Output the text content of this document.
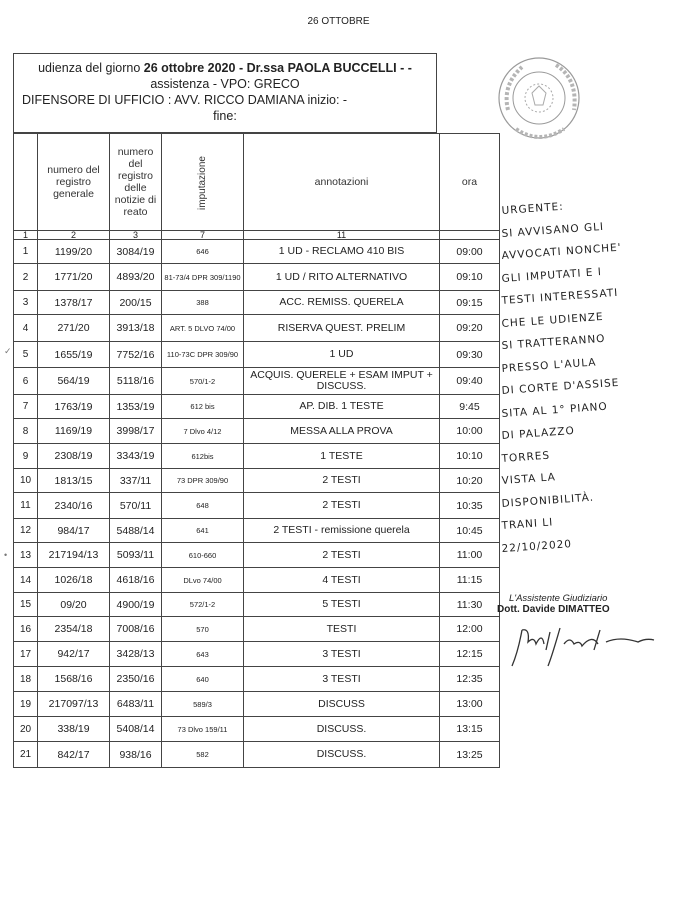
26 OTTOBRE
udienza del giorno 26 ottobre 2020 - Dr.ssa PAOLA BUCCELLI - -
assistenza - VPO: GRECO
DIFENSORE DI UFFICIO : AVV. RICCO DAMIANA inizio: -
fine:
	numero del registro generale	numero del registro delle notizie di reato	imputazione	annotazioni	ora
1	2	3	7	11	
1	1199/20	3084/19	646	1 UD - RECLAMO 410 BIS	09:00
2	1771/20	4893/20	81-73/4 DPR 309/1190	1 UD / RITO ALTERNATIVO	09:10
3	1378/17	200/15	388	ACC. REMISS. QUERELA	09:15
4	271/20	3913/18	ART. 5 DLVO 74/00	RISERVA QUEST. PRELIM	09:20
5	1655/19	7752/16	110-73C DPR 309/90	1 UD	09:30
6	564/19	5118/16	570/1-2	ACQUIS. QUERELE + ESAM IMPUT + DISCUSS.	09:40
7	1763/19	1353/19	612 bis	AP. DIB. 1 TESTE	9:45
8	1169/19	3998/17	7 Dlvo 4/12	MESSA ALLA PROVA	10:00
9	2308/19	3343/19	612bis	1 TESTE	10:10
10	1813/15	337/11	73 DPR 309/90	2 TESTI	10:20
11	2340/16	570/11	648	2 TESTI	10:35
12	984/17	5488/14	641	2 TESTI - remissione querela	10:45
13	217194/13	5093/11	610-660	2 TESTI	11:00
14	1026/18	4618/16	DLvo 74/00	4 TESTI	11:15
15	09/20	4900/19	572/1-2	5 TESTI	11:30
16	2354/18	7008/16	570	TESTI	12:00
17	942/17	3428/13	643	3 TESTI	12:15
18	1568/16	2350/16	640	3 TESTI	12:35
19	217097/13	6483/11	589/3	DISCUSS	13:00
20	338/19	5408/14	73 Dlvo 159/11	DISCUSS.	13:15
21	842/17	938/16	582	DISCUSS.	13:25
URGENTE:
SI AVVISANO GLI
AVVOCATI NONCHE'
GLI IMPUTATI E I
TESTI INTERESSATI
CHE LE UDIENZE
SI TRATTERANNO
PRESSO L'AULA
DI CORTE D'ASSISE
SITA AL 1° PIANO
DI PALAZZO
TORRES
VISTA LA
DISPONIBILITÀ.
TRANI LI
22/10/2020
L'Assistente Giudiziario
Dott. Davide DIMATTEO
✓
•
